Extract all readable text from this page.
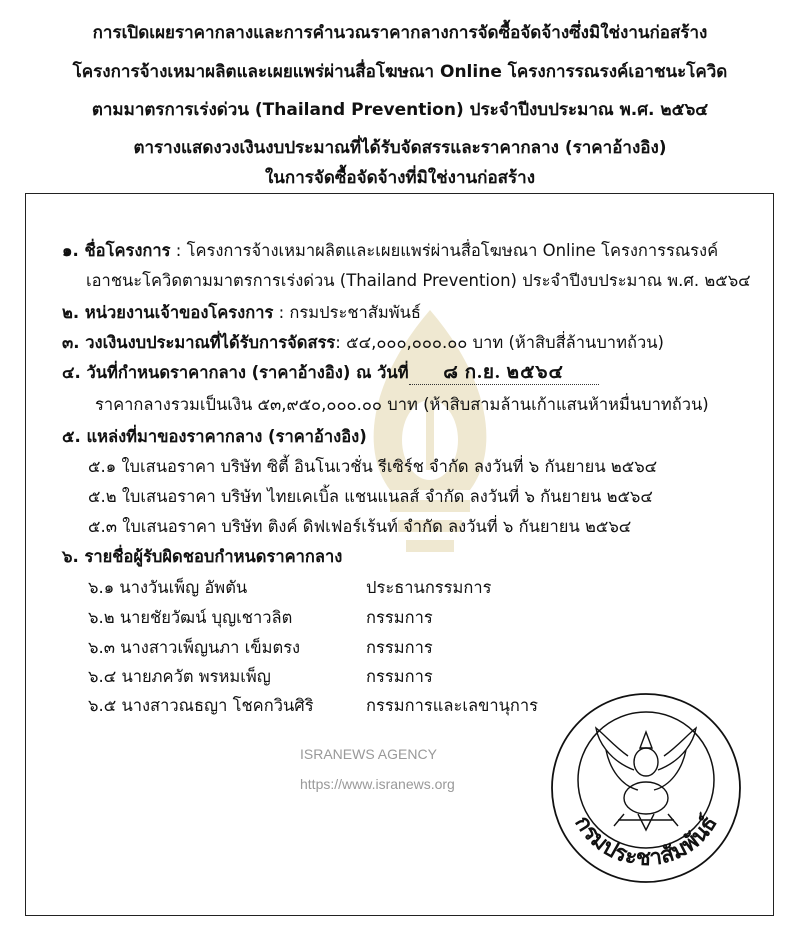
การเปิดเผยราคากลางและการคำนวณราคากลางการจัดซื้อจัดจ้างซึ่งมิใช่งานก่อสร้าง
โครงการจ้างเหมาผลิตและเผยแพร่ผ่านสื่อโฆษณา Online โครงการรณรงค์เอาชนะโควิด
ตามมาตรการเร่งด่วน (Thailand Prevention) ประจำปีงบประมาณ พ.ศ. ๒๕๖๔
ตารางแสดงวงเงินงบประมาณที่ได้รับจัดสรรและราคากลาง (ราคาอ้างอิง)
ในการจัดซื้อจัดจ้างที่มิใช่งานก่อสร้าง
ISRANEWS AGENCY
https://www.isranews.org
๑. ชื่อโครงการ : โครงการจ้างเหมาผลิตและเผยแพร่ผ่านสื่อโฆษณา Online โครงการรณรงค์
เอาชนะโควิดตามมาตรการเร่งด่วน (Thailand Prevention) ประจำปีงบประมาณ พ.ศ. ๒๕๖๔
๒. หน่วยงานเจ้าของโครงการ : กรมประชาสัมพันธ์
๓. วงเงินงบประมาณที่ได้รับการจัดสรร: ๕๔,๐๐๐,๐๐๐.๐๐ บาท (ห้าสิบสี่ล้านบาทถ้วน)
๔. วันที่กำหนดราคากลาง (ราคาอ้างอิง) ณ วันที่ ๘ ก.ย. ๒๕๖๔
ราคากลางรวมเป็นเงิน ๕๓,๙๕๐,๐๐๐.๐๐ บาท (ห้าสิบสามล้านเก้าแสนห้าหมื่นบาทถ้วน)
๕. แหล่งที่มาของราคากลาง (ราคาอ้างอิง)
๕.๑ ใบเสนอราคา บริษัท ซิตี้ อินโนเวชั่น รีเซิร์ช จำกัด ลงวันที่ ๖ กันยายน ๒๕๖๔
๕.๒ ใบเสนอราคา บริษัท ไทยเคเบิ้ล แชนแนลส์ จำกัด ลงวันที่ ๖ กันยายน ๒๕๖๔
๕.๓ ใบเสนอราคา บริษัท ติงค์ ดิฟเฟอร์เร้นท์ จำกัด ลงวันที่ ๖ กันยายน ๒๕๖๔
๖. รายชื่อผู้รับผิดชอบกำหนดราคากลาง
๖.๑ นางวันเพ็ญ อัพตัน	ประธานกรรมการ
๖.๒ นายชัยวัฒน์ บุญเชาวลิต	กรรมการ
๖.๓ นางสาวเพ็ญนภา เข็มตรง	กรรมการ
๖.๔ นายภควัต พรหมเพ็ญ	กรรมการ
๖.๕ นางสาวณธญา โชคกวินศิริ	กรรมการและเลขานุการ
กรมประชาสัมพันธ์
